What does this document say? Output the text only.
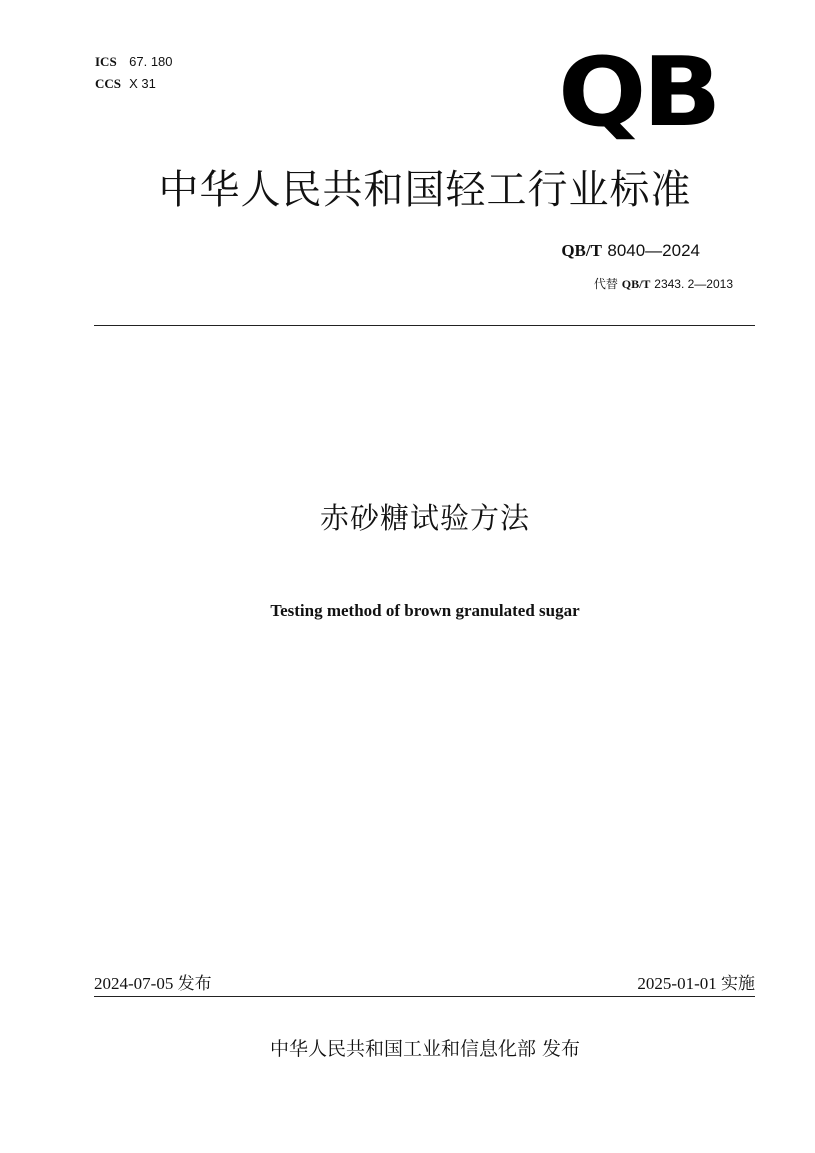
ICS 67. 180
CCS X 31	QB
中华人民共和国轻工行业标准
QB/T 8040—2024
代替 QB/T 2343. 2—2013
赤砂糖试验方法
Testing method of brown granulated sugar
2024-07-05 发布	2025-01-01 实施
中华人民共和国工业和信息化部 发布
